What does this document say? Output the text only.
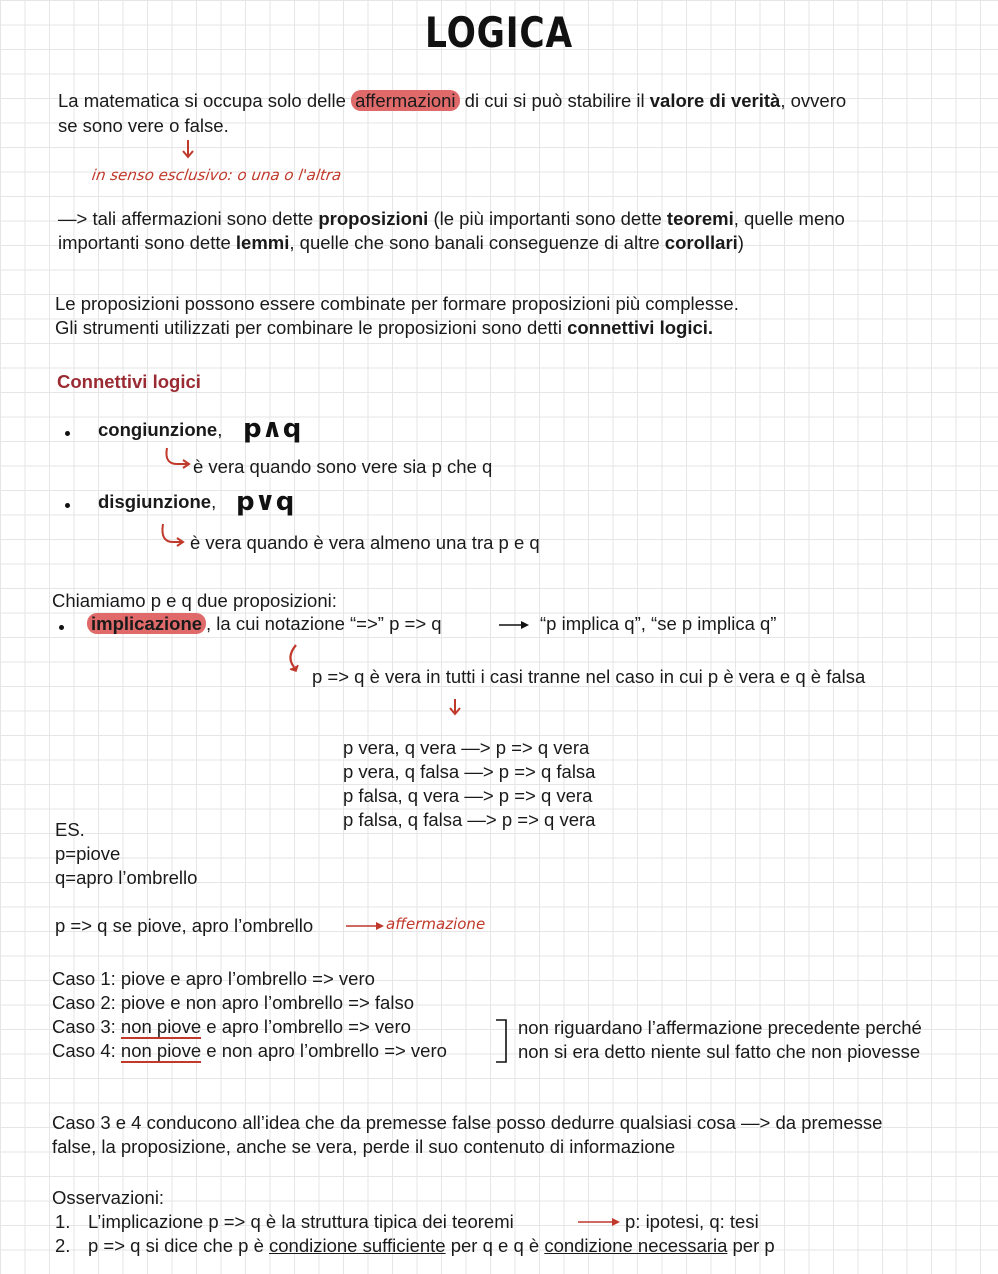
LOGICA
La matematica si occupa solo delle affermazioni di cui si può stabilire il valore di verità, ovvero
se sono vere o false.
in senso esclusivo: o una o l'altra
—> tali affermazioni sono dette proposizioni (le più importanti sono dette teoremi, quelle meno
importanti sono dette lemmi, quelle che sono banali conseguenze di altre corollari)
Le proposizioni possono essere combinate per formare proposizioni più complesse.
Gli strumenti utilizzati per combinare le proposizioni sono detti connettivi logici.
Connettivi logici
congiunzione, p∧q
è vera quando sono vere sia p che q
disgiunzione, p∨q
è vera quando è vera almeno una tra p e q
Chiamiamo p e q due proposizioni:
implicazione , la cui notazione “=>” p => q	“p implica q”, “se p implica q”
p => q è vera in tutti i casi tranne nel caso in cui p è vera e q è falsa
p vera, q vera —> p => q vera
p vera, q falsa —> p => q falsa
p falsa, q vera —> p => q vera
p falsa, q falsa —> p => q vera
ES.
p=piove
q=apro l’ombrello
p => q se piove, apro l’ombrello	affermazione
Caso 1: piove e apro l’ombrello => vero
Caso 2: piove e non apro l’ombrello => falso
Caso 3: non piove e apro l’ombrello => vero
Caso 4: non piove e non apro l’ombrello => vero
non riguardano l’affermazione precedente perché
non si era detto niente sul fatto che non piovesse
Caso 3 e 4 conducono all’idea che da premesse false posso dedurre qualsiasi cosa —> da premesse
false, la proposizione, anche se vera, perde il suo contenuto di informazione
Osservazioni:
1. L’implicazione p => q è la struttura tipica dei teoremi	p: ipotesi, q: tesi
2. p => q si dice che p è condizione sufficiente per q e q è condizione necessaria per p
